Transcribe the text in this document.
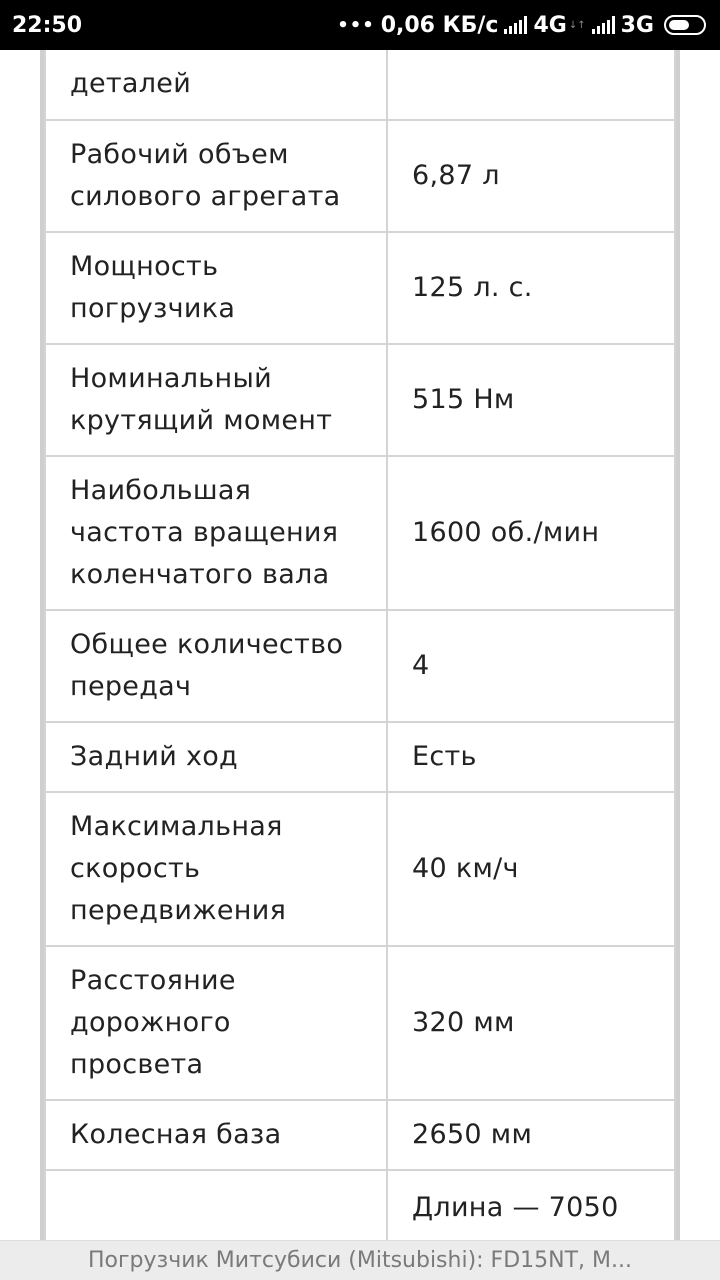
22:50	••• 0,06 КБ/с 4G ↓↑ 3G
деталей	
Рабочий объем силового агрегата	6,87 л
Мощность погрузчика	125 л. с.
Номинальный крутящий момент	515 Нм
Наибольшая частота вращения коленчатого вала	1600 об./мин
Общее количество передач	4
Задний ход	Есть
Максимальная скорость передвижения	40 км/ч
Расстояние дорожного просвета	320 мм
Колесная база	2650 мм
	Длина — 7050
Погрузчик Митсубиси (Mitsubishi): FD15NT, M...
